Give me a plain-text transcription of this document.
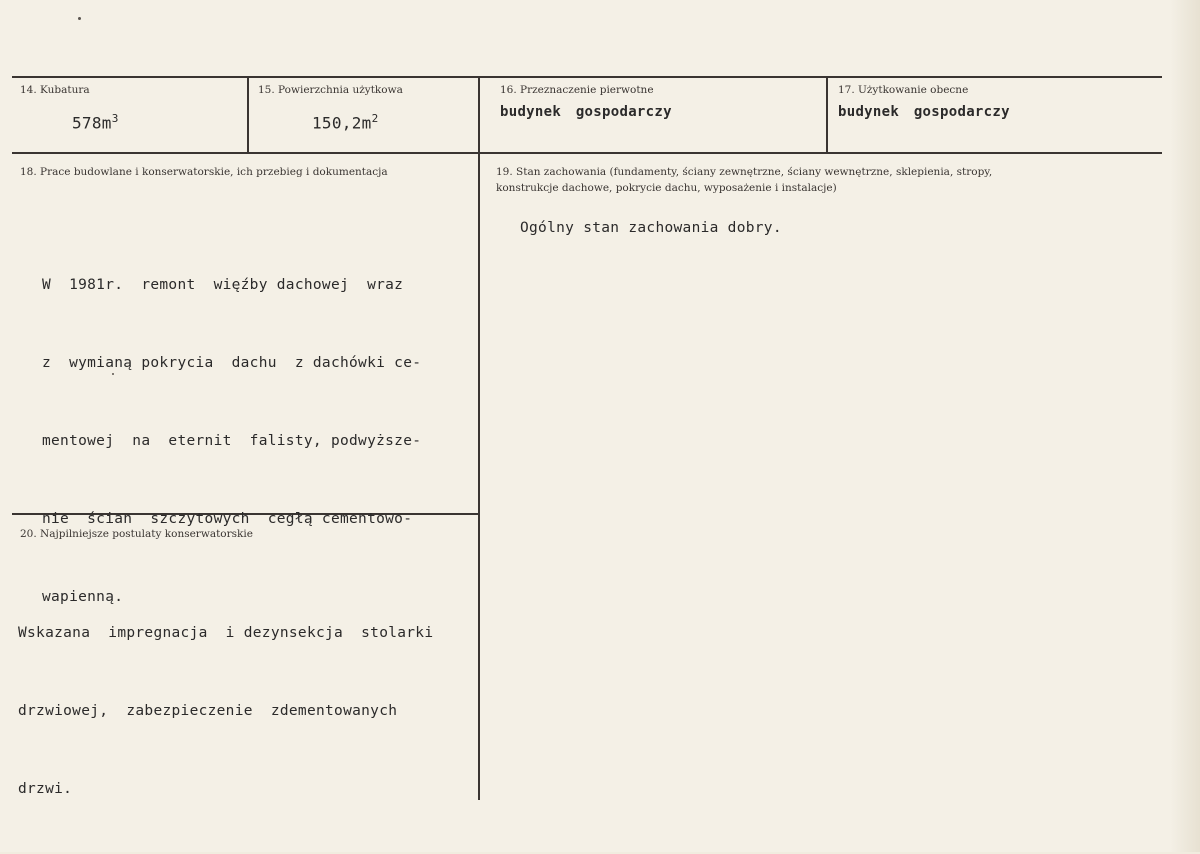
14. Kubatura
$578m^3$
15. Powierzchnia użytkowa
$150,2m^2$
16. Przeznaczenie pierwotne
budynek gospodarczy
17. Użytkowanie obecne
budynek gospodarczy
18. Prace budowlane i konserwatorskie, ich przebieg i dokumentacja

W  1981r.  remont  więźby dachowej  wraz

z  wymianą pokrycia  dachu  z dachówki ce-

mentowej  na  eternit  falisty, podwyższe-

nie  ścian  szczytowych  cegłą cementowo-

wapienną.

19. Stan zachowania (fundamenty, ściany zewnętrzne, ściany wewnętrzne, sklepienia, stropy,
konstrukcje dachowe, pokrycie dachu, wyposażenie i instalacje)
Ogólny stan zachowania dobry.
20. Najpilniejsze postulaty konserwatorskie

Wskazana  impregnacja  i dezynsekcja  stolarki

drzwiowej,  zabezpieczenie  zdementowanych

drzwi.
